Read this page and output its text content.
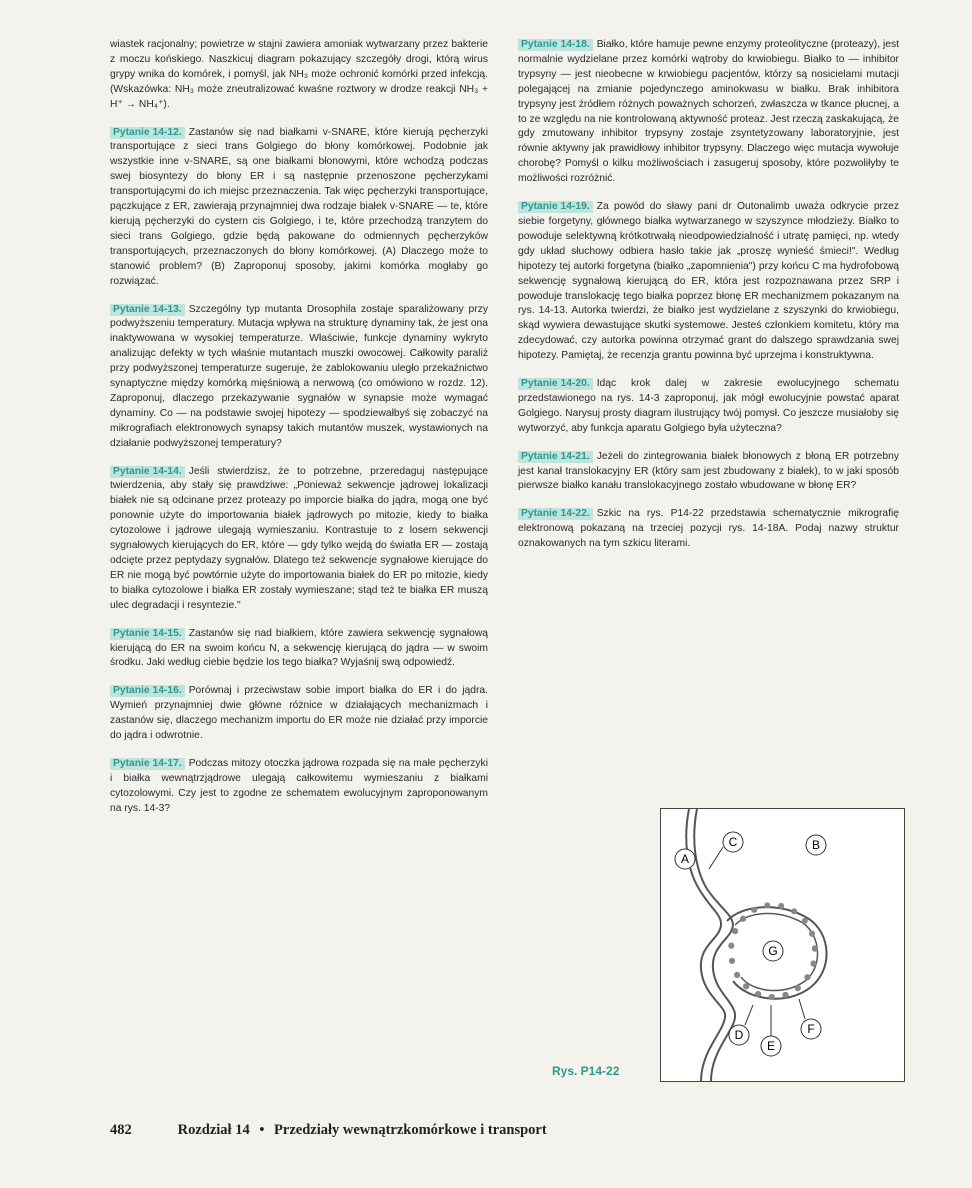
wiastek racjonalny; powietrze w stajni zawiera amoniak wytwarzany przez bakterie z moczu końskiego. Naszkicuj diagram pokazujący szczegóły drogi, którą wirus grypy wnika do komórek, i pomyśl, jak NH₃ może ochronić komórki przed infekcją. (Wskazówka: NH₃ może zneutralizować kwaśne roztwory w drodze reakcji NH₃ + H⁺ → NH₄⁺).

Pytanie 14-12. Zastanów się nad białkami v-SNARE, które kierują pęcherzyki transportujące z sieci trans Golgiego do błony komórkowej. Podobnie jak wszystkie inne v-SNARE, są one białkami błonowymi, które wchodzą podczas swej biosyntezy do błony ER i są następnie przenoszone pęcherzykami transportującymi do ich miejsc przeznaczenia. Tak więc pęcherzyki transportujące, pączkujące z ER, zawierają przynajmniej dwa rodzaje białek v-SNARE — te, które kierują pęcherzyki do cystern cis Golgiego, i te, które przechodzą tranzytem do sieci trans Golgiego, gdzie będą pakowane do odmiennych pęcherzyków transportujących, przeznaczonych do błony komórkowej. (A) Dlaczego może to stanowić problem? (B) Zaproponuj sposoby, jakimi komórka mogłaby go rozwiązać.

Pytanie 14-13. Szczególny typ mutanta Drosophila zostaje sparaliżowany przy podwyższeniu temperatury. Mutacja wpływa na strukturę dynaminy tak, że jest ona inaktywowana w wysokiej temperaturze. Właściwie, funkcje dynaminy wykryto analizując defekty w tych właśnie mutantach muszki owocowej. Całkowity paraliż przy podwyższonej temperaturze sugeruje, że zablokowaniu uległo przekaźnictwo synaptyczne między komórką mięśniową a nerwową (co omówiono w rozdz. 12). Zaproponuj, dlaczego przekazywanie sygnałów w synapsie może wymagać dynaminy. Co — na podstawie swojej hipotezy — spodziewałbyś się zobaczyć na mikrografiach elektronowych synapsy takich mutantów muszek, wystawionych na działanie podwyższonej temperatury?

Pytanie 14-14. Jeśli stwierdzisz, że to potrzebne, przeredaguj następujące twierdzenia, aby stały się prawdziwe: „Ponieważ sekwencje jądrowej lokalizacji białek nie są odcinane przez proteazy po imporcie białka do jądra, mogą one być ponownie użyte do importowania białek jądrowych po mitozie, kiedy to białka cytozolowe i jądrowe ulegają wymieszaniu. Kontrastuje to z losem sekwencji sygnałowych kierujących do ER, które — gdy tylko wejdą do światła ER — zostają odcięte przez peptydazy sygnałów. Dlatego też sekwencje sygnałowe kierujące do ER nie mogą być powtórnie użyte do importowania białek do ER po mitozie, kiedy to białka cytozolowe i białka ER zostały wymieszane; stąd też te białka ER muszą ulec degradacji i resyntezie."

Pytanie 14-15. Zastanów się nad białkiem, które zawiera sekwencję sygnałową kierującą do ER na swoim końcu N, a sekwencję kierującą do jądra — w swoim środku. Jaki według ciebie będzie los tego białka? Wyjaśnij swą odpowiedź.

Pytanie 14-16. Porównaj i przeciwstaw sobie import białka do ER i do jądra. Wymień przynajmniej dwie główne różnice w działających mechanizmach i zastanów się, dlaczego mechanizm importu do ER może nie działać przy imporcie do jądra i odwrotnie.

Pytanie 14-17. Podczas mitozy otoczka jądrowa rozpada się na małe pęcherzyki i białka wewnątrzjądrowe ulegają całkowitemu wymieszaniu z białkami cytozolowymi. Czy jest to zgodne ze schematem ewolucyjnym zaproponowanym na rys. 14-3?

Pytanie 14-18. Białko, które hamuje pewne enzymy proteolityczne (proteazy), jest normalnie wydzielane przez komórki wątroby do krwiobiegu. Białko to — inhibitor trypsyny — jest nieobecne w krwiobiegu pacjentów, którzy są nosicielami mutacji polegającej na zmianie pojedynczego aminokwasu w białku. Brak inhibitora trypsyny jest źródłem różnych poważnych schorzeń, zwłaszcza w tkance płucnej, a to ze względu na nie kontrolowaną aktywność proteaz. Jest rzeczą zaskakującą, że gdy zmutowany inhibitor trypsyny zostaje zsyntetyzowany laboratoryjnie, jest równie aktywny jak prawidłowy inhibitor trypsyny. Dlaczego więc mutacja wywołuje chorobę? Pomyśl o kilku możliwościach i zasugeruj sposoby, które pozwoliłyby te możliwości rozróżnić.

Pytanie 14-19. Za powód do sławy pani dr Outonalimb uważa odkrycie przez siebie forgetyny, głównego białka wytwarzanego w szyszynce młodzieży. Białko to powoduje selektywną krótkotrwałą nieodpowiedzialność i utratę pamięci, np. wtedy gdy układ słuchowy odbiera hasło takie jak „proszę wynieść śmieci!". Według hipotezy tej autorki forgetyna (białko „zapomnienia") przy końcu C ma hydrofobową sekwencję sygnałową kierującą do ER, która jest rozpoznawana przez SRP i powoduje translokację tego białka poprzez błonę ER mechanizmem pokazanym na rys. 14-13. Autorka twierdzi, że białko jest wydzielane z szyszynki do krwiobiegu, skąd wywiera dewastujące skutki systemowe. Jesteś członkiem komitetu, który ma zdecydować, czy autorka powinna otrzymać grant do dalszego sprawdzania swej hipotezy. Pamiętaj, że recenzja grantu powinna być uprzejma i konstruktywna.

Pytanie 14-20. Idąc krok dalej w zakresie ewolucyjnego schematu przedstawionego na rys. 14-3 zaproponuj, jak mógł ewolucyjnie powstać aparat Golgiego. Narysuj prosty diagram ilustrujący twój pomysł. Co jeszcze musiałoby się wytworzyć, aby funkcja aparatu Golgiego była użyteczna?

Pytanie 14-21. Jeżeli do zintegrowania białek błonowych z błoną ER potrzebny jest kanał translokacyjny ER (który sam jest zbudowany z białek), to w jaki sposób pierwsze białko kanału translokacyjnego zostało wbudowane w błonę ER?

Pytanie 14-22. Szkic na rys. P14-22 przedstawia schematycznie mikrografię elektronową pokazaną na trzeciej pozycji rys. 14-18A. Podaj nazwy struktur oznakowanych na tym szkicu literami.

A
B
C
D
E
F
G
Rys. P14-22
482	Rozdział 14 • Przedziały wewnątrzkomórkowe i transport
